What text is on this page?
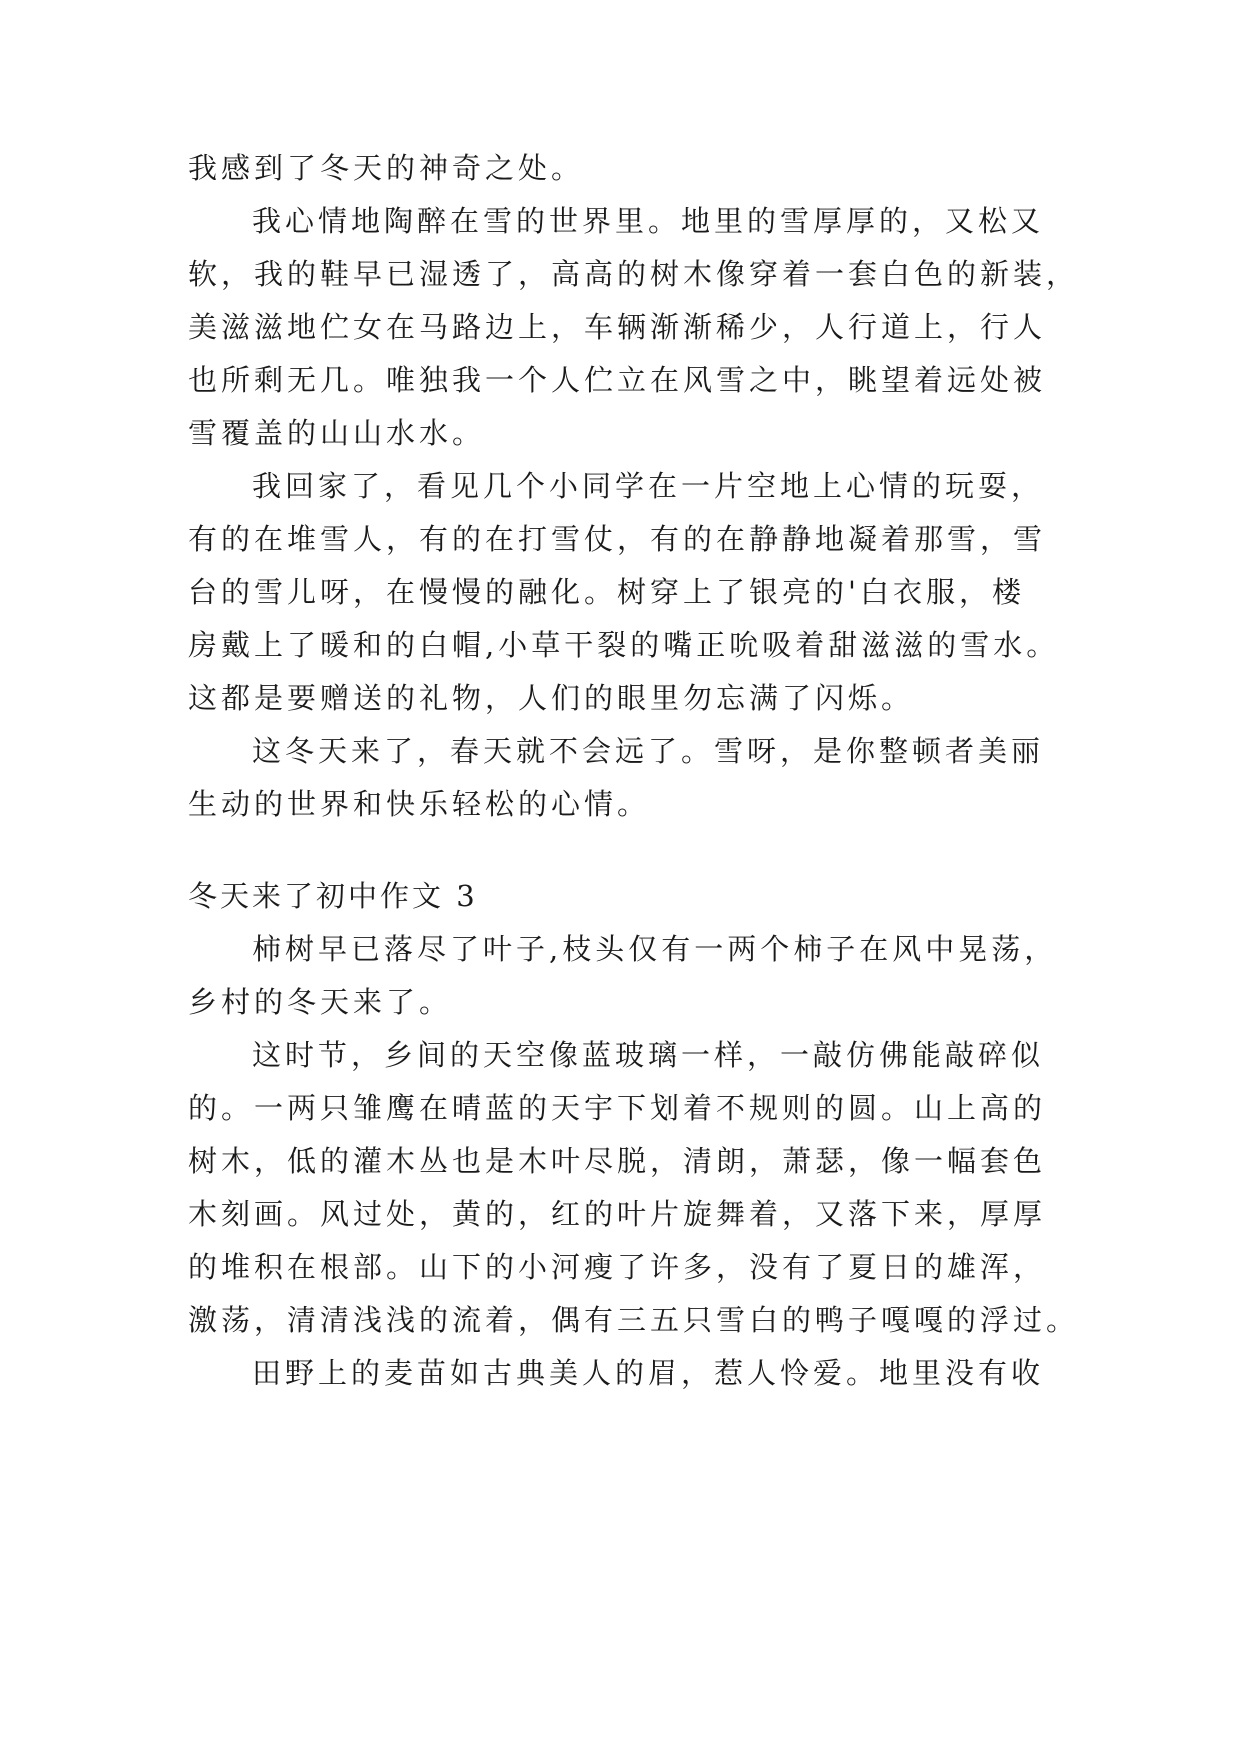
我感到了冬天的神奇之处。
我心情地陶醉在雪的世界里。地里的雪厚厚的，又松又
软，我的鞋早已湿透了，高高的树木像穿着一套白色的新装，
美滋滋地伫女在马路边上，车辆渐渐稀少，人行道上，行人
也所剩无几。唯独我一个人伫立在风雪之中，眺望着远处被
雪覆盖的山山水水。
我回家了，看见几个小同学在一片空地上心情的玩耍，
有的在堆雪人，有的在打雪仗，有的在静静地凝着那雪，雪
台的雪儿呀，在慢慢的融化。树穿上了银亮的'白衣服，楼
房戴上了暖和的白帽,小草干裂的嘴正吮吸着甜滋滋的雪水。
这都是要赠送的礼物，人们的眼里勿忘满了闪烁。
这冬天来了，春天就不会远了。雪呀，是你整顿者美丽
生动的世界和快乐轻松的心情。
冬天来了初中作文 3
柿树早已落尽了叶子,枝头仅有一两个柿子在风中晃荡，
乡村的冬天来了。
这时节，乡间的天空像蓝玻璃一样，一敲仿佛能敲碎似
的。一两只雏鹰在晴蓝的天宇下划着不规则的圆。山上高的
树木，低的灌木丛也是木叶尽脱，清朗，萧瑟，像一幅套色
木刻画。风过处，黄的，红的叶片旋舞着，又落下来，厚厚
的堆积在根部。山下的小河瘦了许多，没有了夏日的雄浑，
激荡，清清浅浅的流着，偶有三五只雪白的鸭子嘎嘎的浮过。
田野上的麦苗如古典美人的眉，惹人怜爱。地里没有收
